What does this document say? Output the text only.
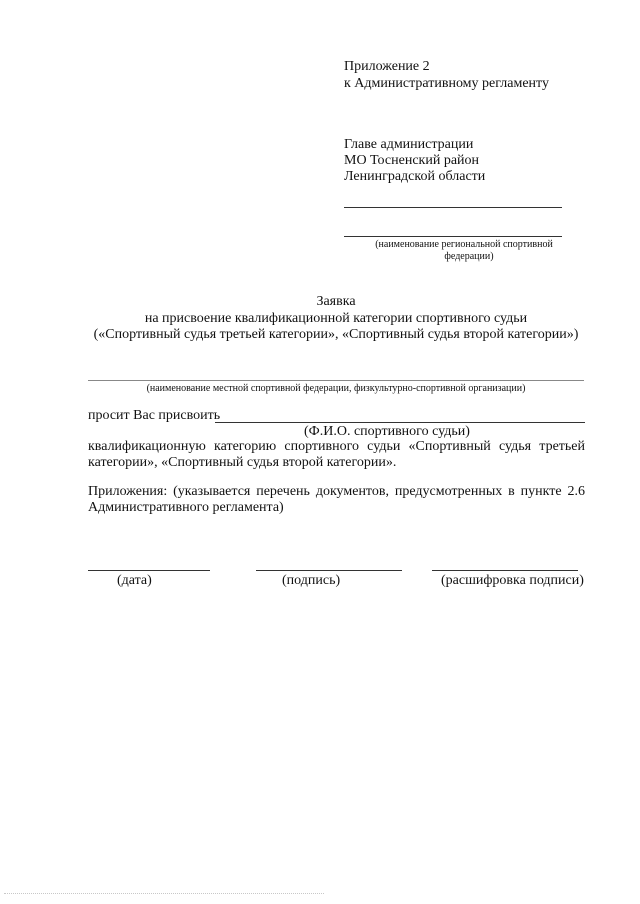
Приложение 2
к Административному регламенту
Главе администрации
МО Тосненский район
Ленинградской области
(наименование региональной спортивной
федерации)
Заявка
на присвоение квалификационной категории спортивного судьи
(«Спортивный судья третьей категории», «Спортивный судья второй категории»)
(наименование местной спортивной федерации, физкультурно-спортивной организации)
просит Вас присвоить
(Ф.И.О. спортивного судьи)
квалификационную категорию спортивного судьи «Спортивный судья третьей
категории», «Спортивный судья второй категории».
Приложения: (указывается перечень документов, предусмотренных в пункте 2.6
Административного регламента)
(дата)	(подпись)	(расшифровка подписи)
